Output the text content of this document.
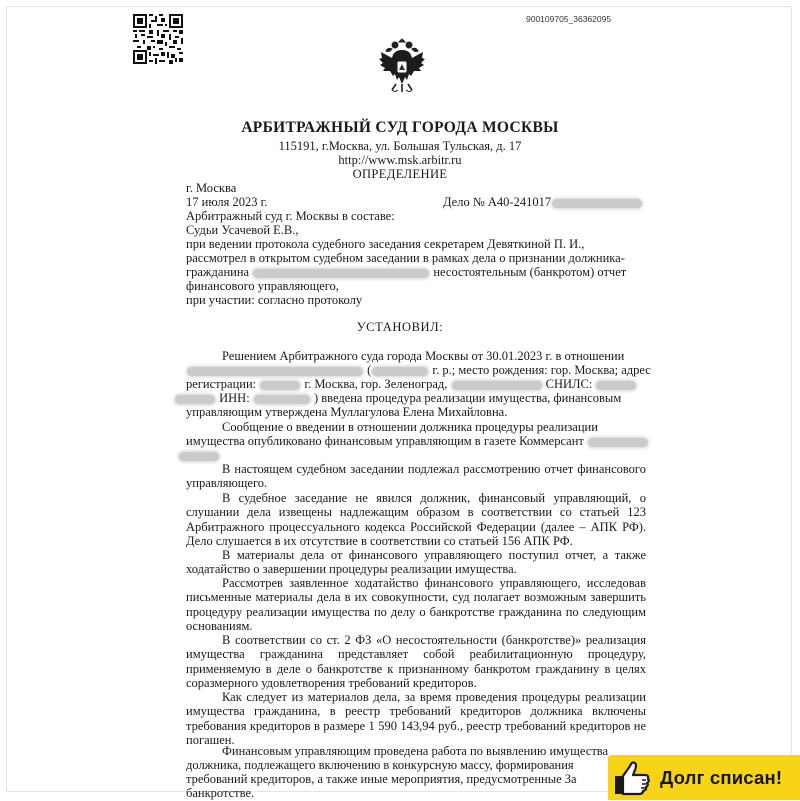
900109705_36362095
АРБИТРАЖНЫЙ СУД ГОРОДА МОСКВЫ
115191, г.Москва, ул. Большая Тульская, д. 17
http://www.msk.arbitr.ru
ОПРЕДЕЛЕНИЕ
г. Москва
17 июля 2023 г.	Дело № А40-241017
Арбитражный суд г. Москвы в составе:
Судьи Усачевой Е.В.,
при ведении протокола судебного заседания секретарем Девяткиной П. И.,
рассмотрел в открытом судебном заседании в рамках дела о признании должника-
гражданина	несостоятельным (банкротом) отчет
финансового управляющего,
при участии: согласно протоколу
УСТАНОВИЛ:
Решением Арбитражного суда города Москвы от 30.01.2023 г. в отношении
(	г. р.; место рождения: гор. Москва; адрес
регистрации:	г. Москва, гор. Зеленоград,	СНИЛС:
ИНН:	) введена процедура реализации имущества, финансовым
управляющим утверждена Муллагулова Елена Михайловна.
Сообщение о введении в отношении должника процедуры реализации
имущества опубликовано финансовым управляющим в газете Коммерсант
В настоящем судебном заседании подлежал рассмотрению отчет финансового управляющего.
В судебное заседание не явился должник, финансовый управляющий, о слушании дела извещены надлежащим образом в соответствии со статьей 123 Арбитражного процессуального кодекса Российской Федерации (далее – АПК РФ). Дело слушается в их отсутствие в соответствии со статьей 156 АПК РФ.
В материалы дела от финансового управляющего поступил отчет, а также ходатайство о завершении процедуры реализации имущества.
Рассмотрев заявленное ходатайство финансового управляющего, исследовав письменные материалы дела в их совокупности, суд полагает возможным завершить процедуру реализации имущества по делу о банкротстве гражданина по следующим основаниям.
В соответствии со ст. 2 ФЗ «О несостоятельности (банкротстве)» реализация имущества гражданина представляет собой реабилитационную процедуру, применяемую в деле о банкротстве к признанному банкротом гражданину в целях соразмерного удовлетворения требований кредиторов.
Как следует из материалов дела, за время проведения процедуры реализации имущества гражданина, в реестр требований кредиторов должника включены требования кредиторов в размере 1 590 143,94 руб., реестр требований кредиторов не погашен.
Финансовым управляющим проведена работа по выявлению имущества
должника, подлежащего включению в конкурсную массу, формирования
требований кредиторов, а также иные мероприятия, предусмотренные За
банкротстве.
Долг списан!
